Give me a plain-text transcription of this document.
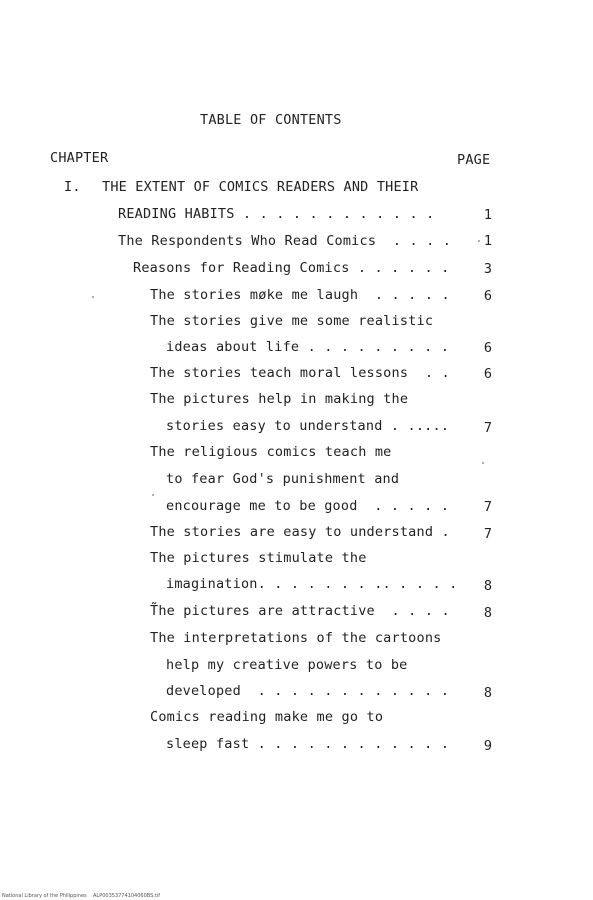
TABLE OF CONTENTS
CHAPTER	PAGE
I. THE EXTENT OF COMICS READERS AND THEIR
READING HABITS . . . . . . . . . . . .	1
The Respondents Who Read Comics  . . . .	1
Reasons for Reading Comics . . . . . .	3
The stories møke me laugh  . . . . .	6
The stories give me some realistic
ideas about life . . . . . . . . .	6
The stories teach moral lessons  . .	6
The pictures help in making the
stories easy to understand . .....	7
The religious comics teach me
to fear God's punishment and
encourage me to be good  . . . . .	7
The stories are easy to understand .	7
The pictures stimulate the
imagination. . . . . . . .. . . . .	8
T̃he pictures are attractive  . . . .	8
The interpretations of the cartoons
help my creative powers to be
developed  . . . . . . . . . . . .	8
Comics reading make me go to
sleep fast . . . . . . . . . . . .	9
National Library of the Philippines    ALP00353774104060BS.tif
